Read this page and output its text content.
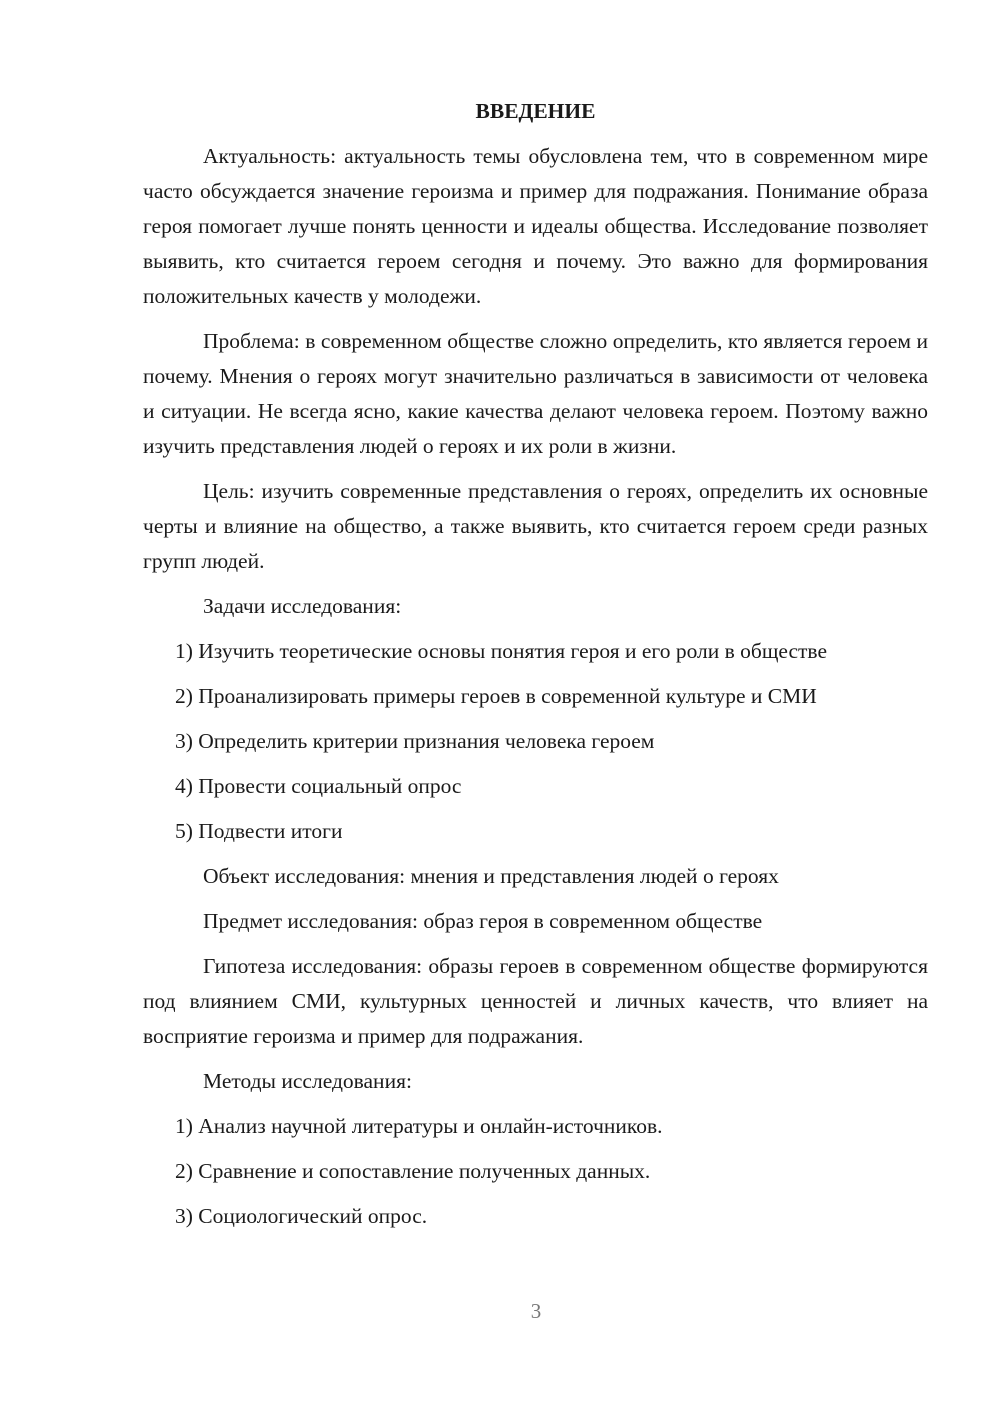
ВВЕДЕНИЕ

Актуальность: актуальность темы обусловлена тем, что в современном мире часто обсуждается значение героизма и пример для подражания. Понимание образа героя помогает лучше понять ценности и идеалы общества. Исследование позволяет выявить, кто считается героем сегодня и почему. Это важно для формирования положительных качеств у молодежи.

Проблема: в современном обществе сложно определить, кто является героем и почему. Мнения о героях могут значительно различаться в зависимости от человека и ситуации. Не всегда ясно, какие качества делают человека героем. Поэтому важно изучить представления людей о героях и их роли в жизни.

Цель: изучить современные представления о героях, определить их основные черты и влияние на общество, а также выявить, кто считается героем среди разных групп людей.

Задачи исследования:
1) Изучить теоретические основы понятия героя и его роли в обществе
2) Проанализировать примеры героев в современной культуре и СМИ
3) Определить критерии признания человека героем
4) Провести социальный опрос
5) Подвести итоги
Объект исследования: мнения и представления людей о героях
Предмет исследования: образ героя в современном обществе

Гипотеза исследования: образы героев в современном обществе формируются под влиянием СМИ, культурных ценностей и личных качеств, что влияет на восприятие героизма и пример для подражания.

Методы исследования:
1) Анализ научной литературы и онлайн-источников.
2) Сравнение и сопоставление полученных данных.
3) Социологический опрос.
3
